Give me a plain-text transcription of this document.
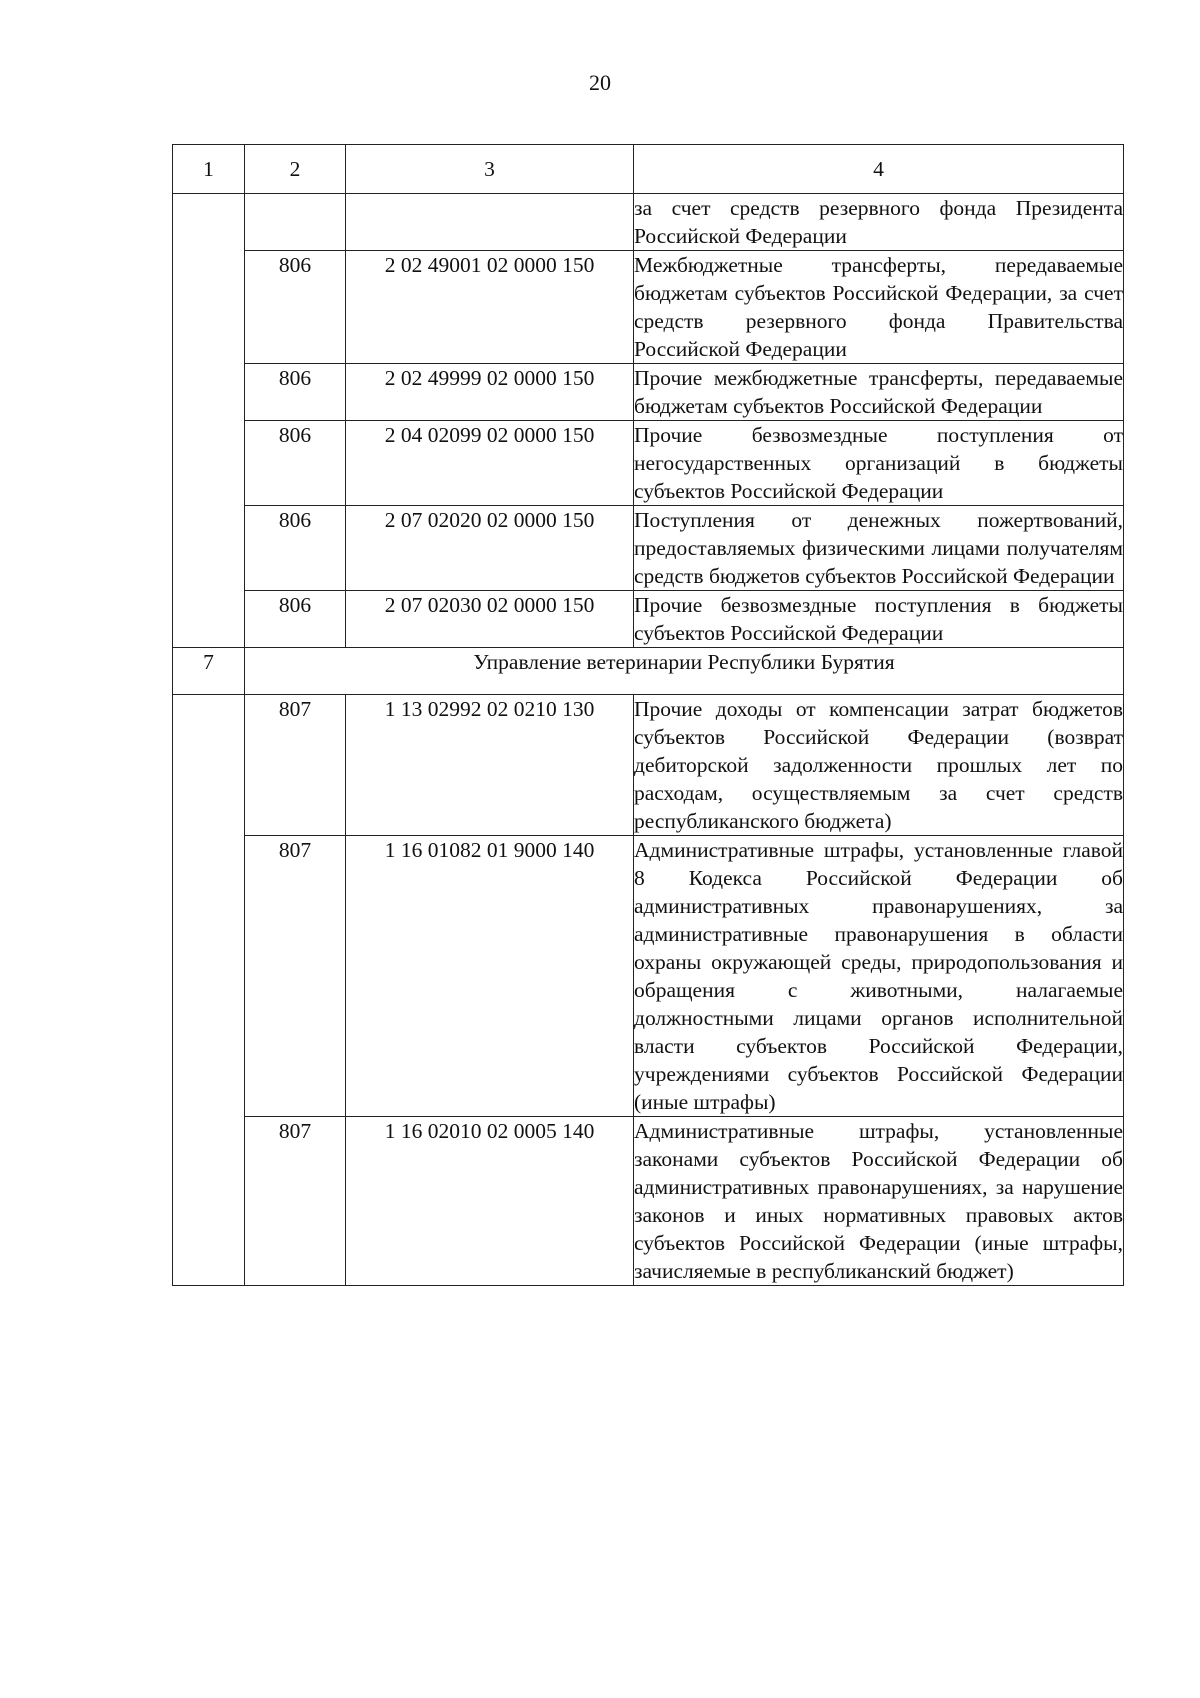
20
1	2	3	4
			за счет средств резервного фонда Президента Российской Федерации
	806	2 02 49001 02 0000 150	Межбюджетные трансферты, передаваемые бюджетам субъектов Российской Федерации, за счет средств резервного фонда Правительства Российской Федерации
	806	2 02 49999 02 0000 150	Прочие межбюджетные трансферты, передаваемые бюджетам субъектов Российской Федерации
	806	2 04 02099 02 0000 150	Прочие безвозмездные поступления от негосударственных организаций в бюджеты субъектов Российской Федерации
	806	2 07 02020 02 0000 150	Поступления от денежных пожертвований, предоставляемых физическими лицами получателям средств бюджетов субъектов Российской Федерации
	806	2 07 02030 02 0000 150	Прочие безвозмездные поступления в бюджеты субъектов Российской Федерации
7	Управление ветеринарии Республики Бурятия		
	807	1 13 02992 02 0210 130	Прочие доходы от компенсации затрат бюджетов субъектов Российской Федерации (возврат дебиторской задолженности прошлых лет по расходам, осуществляемым за счет средств республиканского бюджета)
	807	1 16 01082 01 9000 140	Административные штрафы, установленные главой 8 Кодекса Российской Федерации об административных правонарушениях, за административные правонарушения в области охраны окружающей среды, природопользования и обращения с животными, налагаемые должностными лицами органов исполнительной власти субъектов Российской Федерации, учреждениями субъектов Российской Федерации (иные штрафы)
	807	1 16 02010 02 0005 140	Административные штрафы, установленные законами субъектов Российской Федерации об административных правонарушениях, за нарушение законов и иных нормативных правовых актов субъектов Российской Федерации (иные штрафы, зачисляемые в республиканский бюджет)
